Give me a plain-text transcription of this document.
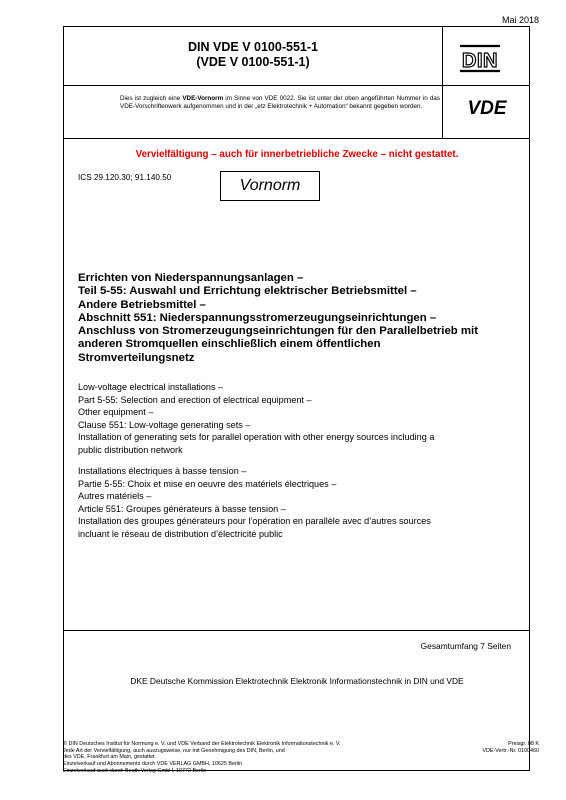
Mai 2018
DIN VDE V 0100-551-1
(VDE V 0100-551-1)	DIN
VDE
Dies ist zugleich eine VDE-Vornorm im Sinne von VDE 0022. Sie ist unter der oben angeführten Nummer in das VDE-Vorschriftenwerk aufgenommen und in der „etz Elektrotechnik + Automation“ bekannt gegeben worden.
Vervielfältigung – auch für innerbetriebliche Zwecke – nicht gestattet.
ICS 29.120.30; 91.140.50	Vornorm
Errichten von Niederspannungsanlagen –
Teil 5-55: Auswahl und Errichtung elektrischer Betriebsmittel –
Andere Betriebsmittel –
Abschnitt 551: Niederspannungsstromerzeugungseinrichtungen –
Anschluss von Stromerzeugungseinrichtungen für den Parallelbetrieb mit
anderen Stromquellen einschließlich einem öffentlichen
Stromverteilungsnetz
Low-voltage electrical installations –
Part 5-55: Selection and erection of electrical equipment –
Other equipment –
Clause 551: Low-voltage generating sets –
Installation of generating sets for parallel operation with other energy sources including a
public distribution network
Installations électriques à basse tension –
Partie 5-55: Choix et mise en oeuvre des matériels électriques –
Autres matériels –
Article 551: Groupes générateurs à basse tension –
Installation des groupes générateurs pour l’opération en parallèle avec d’autres sources
incluant le réseau de distribution d’électricité public
Gesamtumfang 7 Seiten
DKE Deutsche Kommission Elektrotechnik Elektronik Informationstechnik in DIN und VDE
© DIN Deutsches Institut für Normung e. V. und VDE Verband der Elektrotechnik Elektronik Informationstechnik e. V.
Jede Art der Vervielfältigung, auch auszugsweise, nur mit Genehmigung des DIN, Berlin, und
des VDE, Frankfurt am Main, gestattet.
Einzelverkauf und Abonnements durch VDE VERLAG GMBH, 10625 Berlin
Einzelverkauf auch durch Beuth Verlag GmbH, 10772 Berlin
Preisgr. 08 K
VDE-Vertr.-Nr. 0100460
